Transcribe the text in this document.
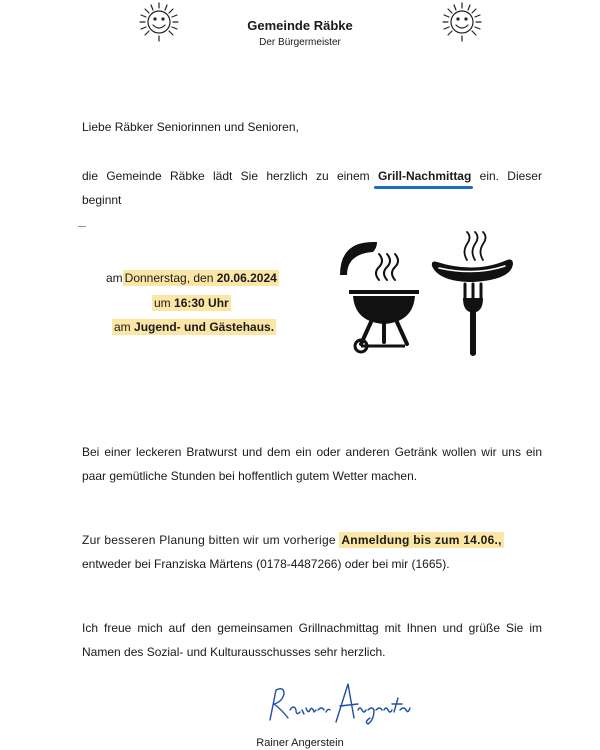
Gemeinde Räbke
Der Bürgermeister
Liebe Räbker Seniorinnen und Senioren,
die Gemeinde Räbke lädt Sie herzlich zu einem Grill-Nachmittag ein. Dieser
beginnt
am Donnerstag, den 20.06.2024
um 16:30 Uhr
am Jugend- und Gästehaus.
Bei einer leckeren Bratwurst und dem ein oder anderen Getränk wollen wir uns ein
paar gemütliche Stunden bei hoffentlich gutem Wetter machen.
Zur besseren Planung bitten wir um vorherige Anmeldung bis zum 14.06.,
entweder bei Franziska Märtens (0178-4487266) oder bei mir (1665).
Ich freue mich auf den gemeinsamen Grillnachmittag mit Ihnen und grüße Sie im
Namen des Sozial- und Kulturausschusses sehr herzlich.
Rainer Angerstein
